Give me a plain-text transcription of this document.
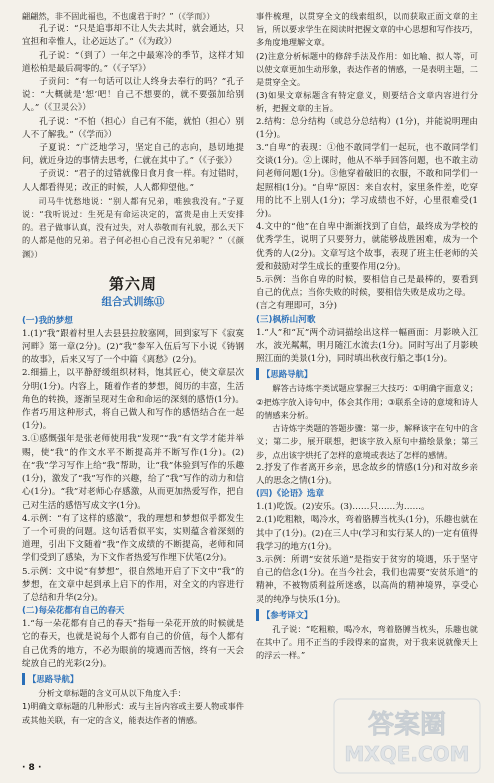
翩翩然，非不固此福也，不也虞君于时？”（《学而》）

孔子说：“只是追事却不让人失去其时，就会通达，只宜担和幸惟人，让必远达了。”（《为政》）

孔子说：“（到了）一年之中最寒冷的季节，这样才知道松柏是最后凋零的。”（《子罕》）

子贡问：“有一句话可以让人终身去奉行的吗？”孔子说：“大概就是‘恕’吧！自己不想要的，就不要强加给别人。”（《卫灵公》）

孔子说：“不怕（担心）自己有不能，就怕（担心）别人不了解我。”（《学而》）

子夏说：“广泛地学习，坚定自己的志向，恳切地提问，就近身边的事情去思考，仁就在其中了。”（《子张》）

子贡说：“君子的过错就像日食月食一样。有过错时，人人都看得见；改正的时候，人人都仰望他。”

司马牛忧愁地说：“别人都有兄弟，唯独我没有。”子夏说：“我听说过：生死是有命运决定的，富贵是由上天安排的。君子做事认真，没有过失，对人恭敬而有礼貌，那么天下的人都是他的兄弟。君子何必担心自己没有兄弟呢？”（《颜渊》）

第六周
组合式训练⑪
(一)我的梦想

1.(1)“我”跟着村里人去县县拉胶塞网，回到家写下《寂寞河畔》第一章(2分)。(2)“我”参军入伍后写下小说《铸钢的故事》，后来又写了一个中篇《离愁》(2分)。

2.细描上，以平静舒缓组织材料，饱其匠心，使文章层次分明(1分)。内容上，随着作者的梦想，阅历的丰富，生活角色的转换，逐渐呈现对生命和命运的深刻的感悟(1分)。作者巧用这种形式，将自己做人和写作的感悟结合在一起(1分)。

3.①感慨强年是张老师使用我“发现”“我”有文学才能并举赐，使“我”的作文水平不断提高并不断写作(1分)。(2)在“我”学习写作上给“我”帮助，让“我”体验到写作的乐趣(1分)，激发了“我”写作的兴趣，给了“我”写作的动力和信心(1分)。“我”对老师心存感激，从而更加热爱写作，把自己对生活的感悟写成文字(1分)。

4.示例：“有了这样的感激”，我的理想和梦想似乎都发生了一个可贵的问题。这句话看似平实，实则蕴含着深刻的道理，引出下文随着“我”作文成绩的不断提高，老师和同学们受到了感染，为下文作者热爱写作埋下伏笔(2分)。

5.示例：文中说“有梦想”，很自然地开启了下文中“我”的梦想，在文章中起到承上启下的作用，对全文的内容进行了总结和升华(2分)。

(二)每朵花都有自己的春天

1.“每一朵花都有自己的春天”指每一朵花开放的时候就是它的春天，也就是说每个人都有自己的价值，每个人都有自己优秀的地方，不必为眼前的境遇而苦恼，终有一天会绽放自己的光彩(2分)。

【思路导航】

分析文章标题的含义可从以下角度入手：

1)明确文章标题的几种形式：或与主旨内容或主要人物或事件或其他关联，有一定的含义，能表达作者的情感。

事件梳理，以贯穿全文的线索组织，以而获取正面文章的主旨，所以要求学生在阅读时把握文章的中心思想和写作技巧，多角度地理解文章。

(2)注意分析标题中的修辞手法及作用：如比喻、拟人等，可以使文章更加生动形象，表达作者的情感，一是表明主题，二是贯穿全文。

(3)如果文章标题含有特定意义，则要结合文章内容进行分析，把握文章的主旨。

2.结构：总分结构（或总分总结构）(1分)，并能说明理由(1分)。

3.“自卑”的表现：①他不敢同学们一起玩，也不敢同学们交谈(1分)。②上课时，他从不举手回答问题，也不敢主动问老师问题(1分)。③他穿着破旧的衣服，不敢和同学们一起照相(1分)。“自卑”原因：来自农村，家里条件差，吃穿用的比不上别人(1分)；学习成绩也不好，心里很难受(1分)。

4.文中的“他”在自卑中渐渐找到了自信，最终成为学校的优秀学生，说明了只要努力，就能够战胜困难，成为一个优秀的人(2分)。文章写这个故事，表现了班主任老师的关爱和鼓励对学生成长的重要作用(2分)。

5.示例：当你自卑的时候，要相信自己是最棒的，要看到自己的优点；当你失败的时候，要相信失败是成功之母。

(言之有理即可，3分)

(三)枫桥山河歌

1.“人”和“瓦”两个动词描绘出这样一幅画面：月影映入江水，波光粼粼，明月随江水流去(1分)。同时写出了月影映照江面的美景(1分)，同时填出秋夜行船之事(1分)。

【思路导航】

解答古诗炼字类试题应掌握三大技巧：①明确字面意义；②把炼字放入诗句中，体会其作用；③联系全诗的意境和诗人的情感来分析。

古诗炼字类题的答题步骤：第一步，解释该字在句中的含义；第二步，展开联想，把该字放入原句中描绘景象；第三步，点出该字烘托了怎样的意境或表达了怎样的感情。

2.抒发了作者离开乡亲，思念故乡的情感(1分)和对故乡亲人的思念之情(1分)。

(四)《论语》选章

1.(1)吃饭。(2)安乐。(3)……只……为……。

2.(1)吃粗粮，喝冷水，弯着胳膊当枕头(1分)，乐趣也就在其中了(1分)。(2)在三人中(学习和实行某人的)一定有值得我学习的地方(1分)。

3.示例：所谓“安贫乐道”是指安于贫穷的境遇，乐于坚守自己的信念(1分)。在当今社会，我们也需要“安贫乐道”的精神，不被物质利益所迷惑，以高尚的精神境界，享受心灵的纯净与快乐(1分)。

【参考译文】

孔子说：“吃粗粮，喝冷水，弯着胳膊当枕头，乐趣也就在其中了。用不正当的手段得来的富贵，对于我来说就像天上的浮云一样。”

· 8 ·
答案圈
MXQE.COM
